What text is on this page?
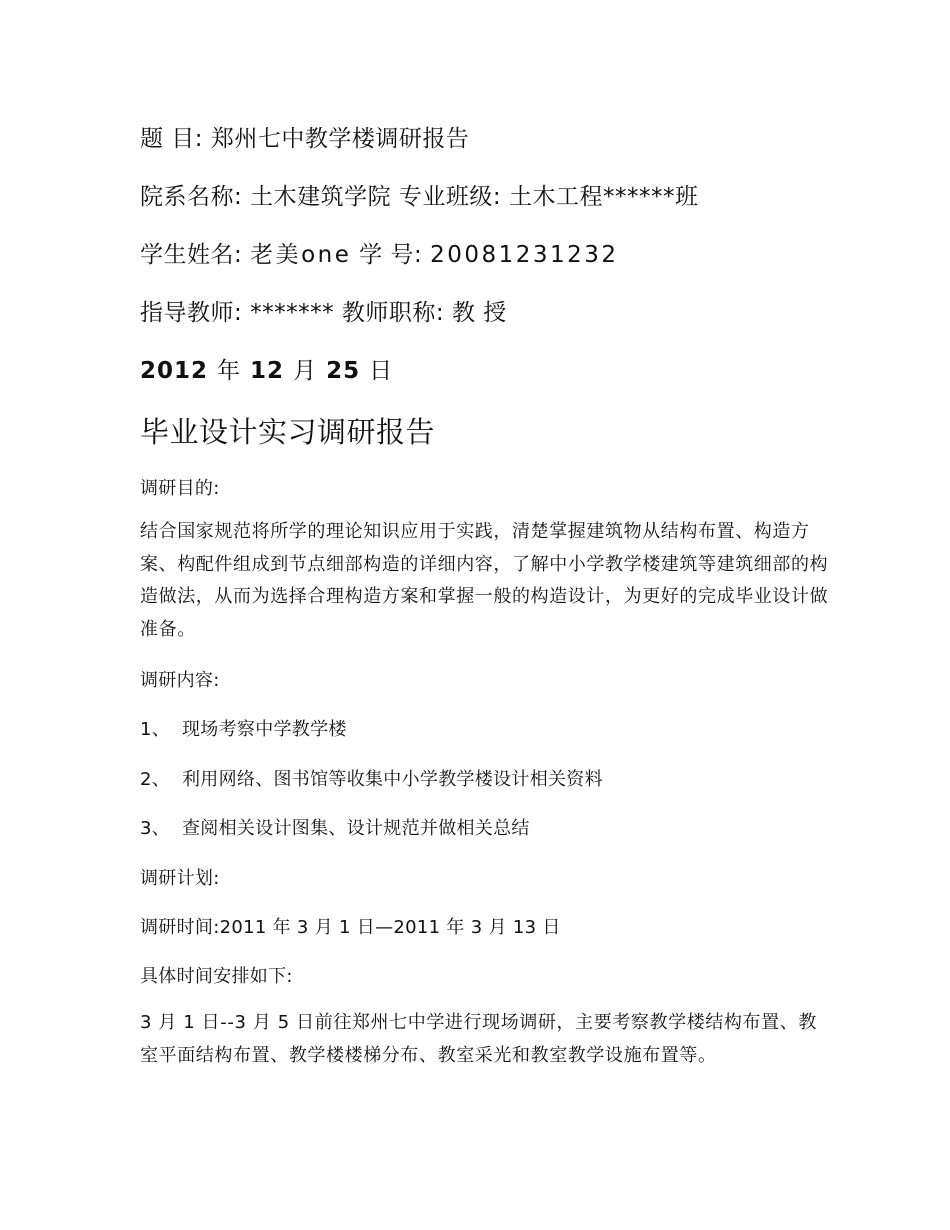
题 目: 郑州七中教学楼调研报告
院系名称: 土木建筑学院 专业班级: 土木工程******班
学生姓名: 老美one 学 号: 20081231232
指导教师: ******* 教师职称: 教 授
2012 年 12 月 25 日
毕业设计实习调研报告
调研目的:
结合国家规范将所学的理论知识应用于实践，清楚掌握建筑物从结构布置、构造方案、构配件组成到节点细部构造的详细内容，了解中小学教学楼建筑等建筑细部的构造做法，从而为选择合理构造方案和掌握一般的构造设计，为更好的完成毕业设计做准备。
调研内容:
1、 现场考察中学教学楼
2、 利用网络、图书馆等收集中小学教学楼设计相关资料
3、 查阅相关设计图集、设计规范并做相关总结
调研计划:
调研时间:2011 年 3 月 1 日—2011 年 3 月 13 日
具体时间安排如下:
3 月 1 日--3 月 5 日前往郑州七中学进行现场调研，主要考察教学楼结构布置、教室平面结构布置、教学楼楼梯分布、教室采光和教室教学设施布置等。
